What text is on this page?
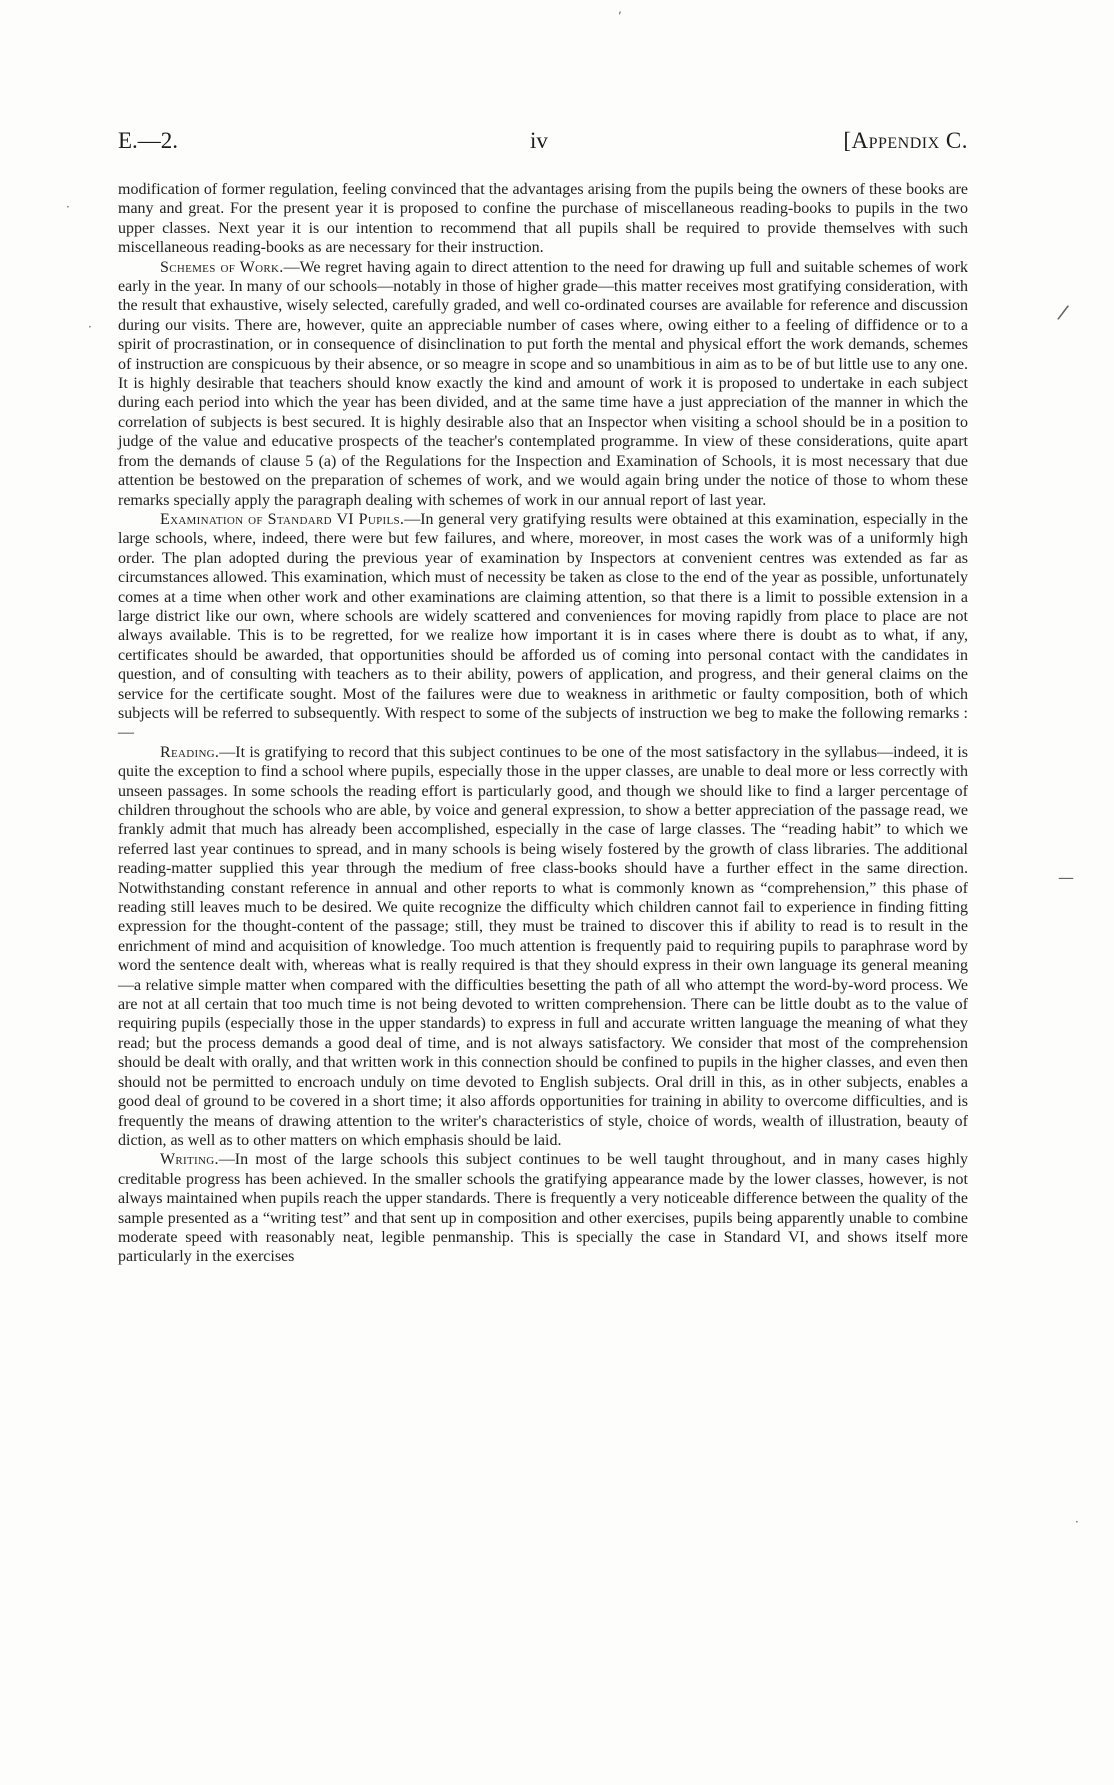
E.—2.	iv	[Appendix C.

modification of former regulation, feeling convinced that the advantages arising from the pupils being the owners of these books are many and great. For the present year it is proposed to confine the purchase of miscellaneous reading-books to pupils in the two upper classes. Next year it is our intention to recommend that all pupils shall be required to provide themselves with such miscellaneous reading-books as are necessary for their instruction.

Schemes of Work.—We regret having again to direct attention to the need for drawing up full and suitable schemes of work early in the year. In many of our schools—notably in those of higher grade—this matter receives most gratifying consideration, with the result that exhaustive, wisely selected, carefully graded, and well co-ordinated courses are available for reference and discussion during our visits. There are, however, quite an appreciable number of cases where, owing either to a feeling of diffidence or to a spirit of procrastination, or in consequence of disinclination to put forth the mental and physical effort the work demands, schemes of instruction are conspicuous by their absence, or so meagre in scope and so unambitious in aim as to be of but little use to any one. It is highly desirable that teachers should know exactly the kind and amount of work it is proposed to undertake in each subject during each period into which the year has been divided, and at the same time have a just appreciation of the manner in which the correlation of subjects is best secured. It is highly desirable also that an Inspector when visiting a school should be in a position to judge of the value and educative prospects of the teacher's contemplated programme. In view of these considerations, quite apart from the demands of clause 5 (a) of the Regulations for the Inspection and Examination of Schools, it is most necessary that due attention be bestowed on the preparation of schemes of work, and we would again bring under the notice of those to whom these remarks specially apply the paragraph dealing with schemes of work in our annual report of last year.

Examination of Standard VI Pupils.—In general very gratifying results were obtained at this examination, especially in the large schools, where, indeed, there were but few failures, and where, moreover, in most cases the work was of a uniformly high order. The plan adopted during the previous year of examination by Inspectors at convenient centres was extended as far as circumstances allowed. This examination, which must of necessity be taken as close to the end of the year as possible, unfortunately comes at a time when other work and other examinations are claiming attention, so that there is a limit to possible extension in a large district like our own, where schools are widely scattered and conveniences for moving rapidly from place to place are not always available. This is to be regretted, for we realize how important it is in cases where there is doubt as to what, if any, certificates should be awarded, that opportunities should be afforded us of coming into personal contact with the candidates in question, and of consulting with teachers as to their ability, powers of application, and progress, and their general claims on the service for the certificate sought. Most of the failures were due to weakness in arithmetic or faulty composition, both of which subjects will be referred to subsequently. With respect to some of the subjects of instruction we beg to make the following remarks :—

Reading.—It is gratifying to record that this subject continues to be one of the most satisfactory in the syllabus—indeed, it is quite the exception to find a school where pupils, especially those in the upper classes, are unable to deal more or less correctly with unseen passages. In some schools the reading effort is particularly good, and though we should like to find a larger percentage of children throughout the schools who are able, by voice and general expression, to show a better appreciation of the passage read, we frankly admit that much has already been accomplished, especially in the case of large classes. The “reading habit” to which we referred last year continues to spread, and in many schools is being wisely fostered by the growth of class libraries. The additional reading-matter supplied this year through the medium of free class-books should have a further effect in the same direction. Notwithstanding constant reference in annual and other reports to what is commonly known as “comprehension,” this phase of reading still leaves much to be desired. We quite recognize the difficulty which children cannot fail to experience in finding fitting expression for the thought-content of the passage; still, they must be trained to discover this if ability to read is to result in the enrichment of mind and acquisition of knowledge. Too much attention is frequently paid to requiring pupils to paraphrase word by word the sentence dealt with, whereas what is really required is that they should express in their own language its general meaning—a relative simple matter when compared with the difficulties besetting the path of all who attempt the word-by-word process. We are not at all certain that too much time is not being devoted to written comprehension. There can be little doubt as to the value of requiring pupils (especially those in the upper standards) to express in full and accurate written language the meaning of what they read; but the process demands a good deal of time, and is not always satisfactory. We consider that most of the comprehension should be dealt with orally, and that written work in this connection should be confined to pupils in the higher classes, and even then should not be permitted to encroach unduly on time devoted to English subjects. Oral drill in this, as in other subjects, enables a good deal of ground to be covered in a short time; it also affords opportunities for training in ability to overcome difficulties, and is frequently the means of drawing attention to the writer's characteristics of style, choice of words, wealth of illustration, beauty of diction, as well as to other matters on which emphasis should be laid.

Writing.—In most of the large schools this subject continues to be well taught throughout, and in many cases highly creditable progress has been achieved. In the smaller schools the gratifying appearance made by the lower classes, however, is not always maintained when pupils reach the upper standards. There is frequently a very noticeable difference between the quality of the sample presented as a “writing test” and that sent up in composition and other exercises, pupils being apparently unable to combine moderate speed with reasonably neat, legible penmanship. This is specially the case in Standard VI, and shows itself more particularly in the exercises

,
/
—
·
·
·
